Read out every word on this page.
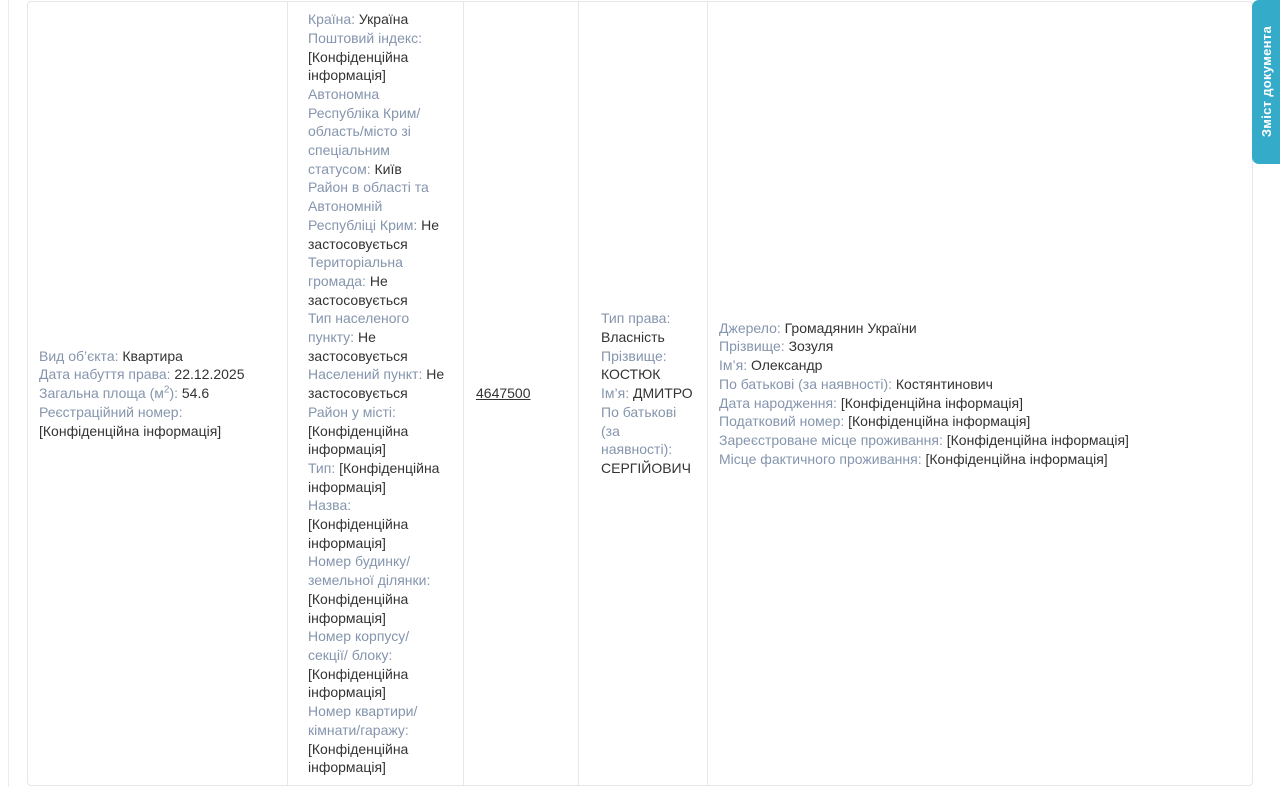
Вид об’єкта: Квартира
Дата набуття права: 22.12.2025
Загальна площа $(м^2)$: 54.6
Реєстраційний номер: [Конфіденційна інформація]
Країна: Україна
Поштовий індекс: [Конфіденційна інформація]
Автономна Республіка Крим/ область/місто зі спеціальним статусом: Київ
Район в області та Автономній Республіці Крим: Не застосовується
Територіальна громада: Не застосовується
Тип населеного пункту: Не застосовується
Населений пункт: Не застосовується
Район у місті: [Конфіденційна інформація]
Тип: [Конфіденційна інформація]
Назва: [Конфіденційна інформація]
Номер будинку/ земельної ділянки: [Конфіденційна інформація]
Номер корпусу/секції/ блоку: [Конфіденційна інформація]
Номер квартири/ кімнати/гаражу: [Конфіденційна інформація]
4647500
Тип права: Власність
Прізвище: КОСТЮК
Ім’я: ДМИТРО
По батькові (за наявності): СЕРГІЙОВИЧ
Джерело: Громадянин України
Прізвище: Зозуля
Ім’я: Олександр
По батькові (за наявності): Костянтинович
Дата народження: [Конфіденційна інформація]
Податковий номер: [Конфіденційна інформація]
Зареєстроване місце проживання: [Конфіденційна інформація]
Місце фактичного проживання: [Конфіденційна інформація]
Зміст документа
